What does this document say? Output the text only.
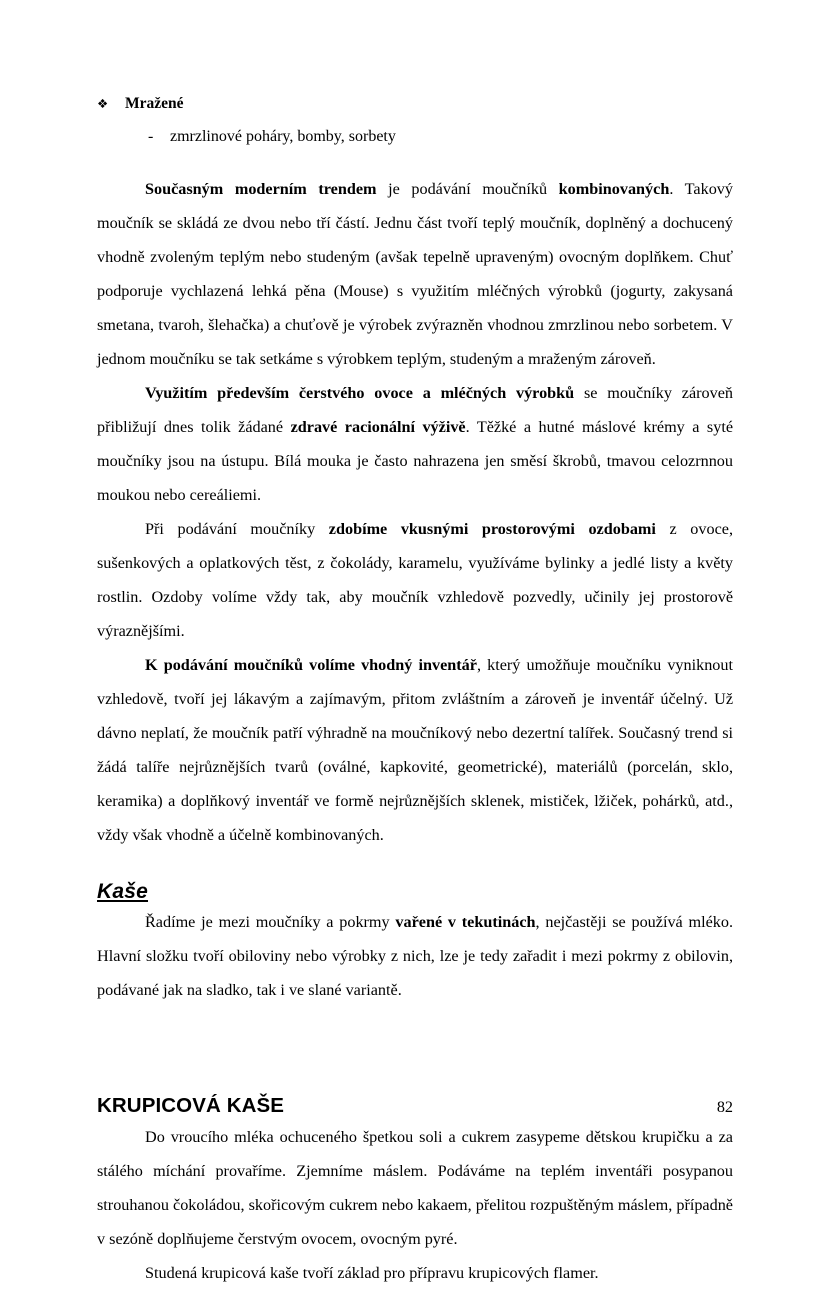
❖	Mražené
-	zmrzlinové poháry, bomby, sorbety

Současným moderním trendem je podávání moučníků kombinovaných. Takový moučník se skládá ze dvou nebo tří částí. Jednu část tvoří teplý moučník, doplněný a dochucený vhodně zvoleným teplým nebo studeným (avšak tepelně upraveným) ovocným doplňkem. Chuť podporuje vychlazená lehká pěna (Mouse) s využitím mléčných výrobků (jogurty, zakysaná smetana, tvaroh, šlehačka) a chuťově je výrobek zvýrazněn vhodnou zmrzlinou nebo sorbetem. V jednom moučníku se tak setkáme s výrobkem teplým, studeným a mraženým zároveň.

Využitím především čerstvého ovoce a mléčných výrobků se moučníky zároveň přibližují dnes tolik žádané zdravé racionální výživě. Těžké a hutné máslové krémy a syté moučníky jsou na ústupu. Bílá mouka je často nahrazena jen směsí škrobů, tmavou celozrnnou moukou nebo cereáliemi.

Při podávání moučníky zdobíme vkusnými prostorovými ozdobami z ovoce, sušenkových a oplatkových těst, z čokolády, karamelu, využíváme bylinky a jedlé listy a květy rostlin. Ozdoby volíme vždy tak, aby moučník vzhledově pozvedly, učinily jej prostorově výraznějšími.

K podávání moučníků volíme vhodný inventář, který umožňuje moučníku vyniknout vzhledově, tvoří jej lákavým a zajímavým, přitom zvláštním a zároveň je inventář účelný. Už dávno neplatí, že moučník patří výhradně na moučníkový nebo dezertní talířek. Současný trend si žádá talíře nejrůznějších tvarů (oválné, kapkovité, geometrické), materiálů (porcelán, sklo, keramika) a doplňkový inventář ve formě nejrůznějších sklenek, mističek, lžiček, pohárků, atd., vždy však vhodně a účelně kombinovaných.

Kaše

Řadíme je mezi moučníky a pokrmy vařené v tekutinách, nejčastěji se používá mléko. Hlavní složku tvoří obiloviny nebo výrobky z nich, lze je tedy zařadit i mezi pokrmy z obilovin, podávané jak na sladko, tak i ve slané variantě.

KRUPICOVÁ KAŠE

Do vroucího mléka ochuceného špetkou soli a cukrem zasypeme dětskou krupičku a za stálého míchání provaříme. Zjemníme máslem. Podáváme na teplém inventáři posypanou strouhanou čokoládou, skořicovým cukrem nebo kakaem, přelitou rozpuštěným máslem, případně v sezóně doplňujeme čerstvým ovocem, ovocným pyré.

Studená krupicová kaše tvoří základ pro přípravu krupicových flamer.

82
